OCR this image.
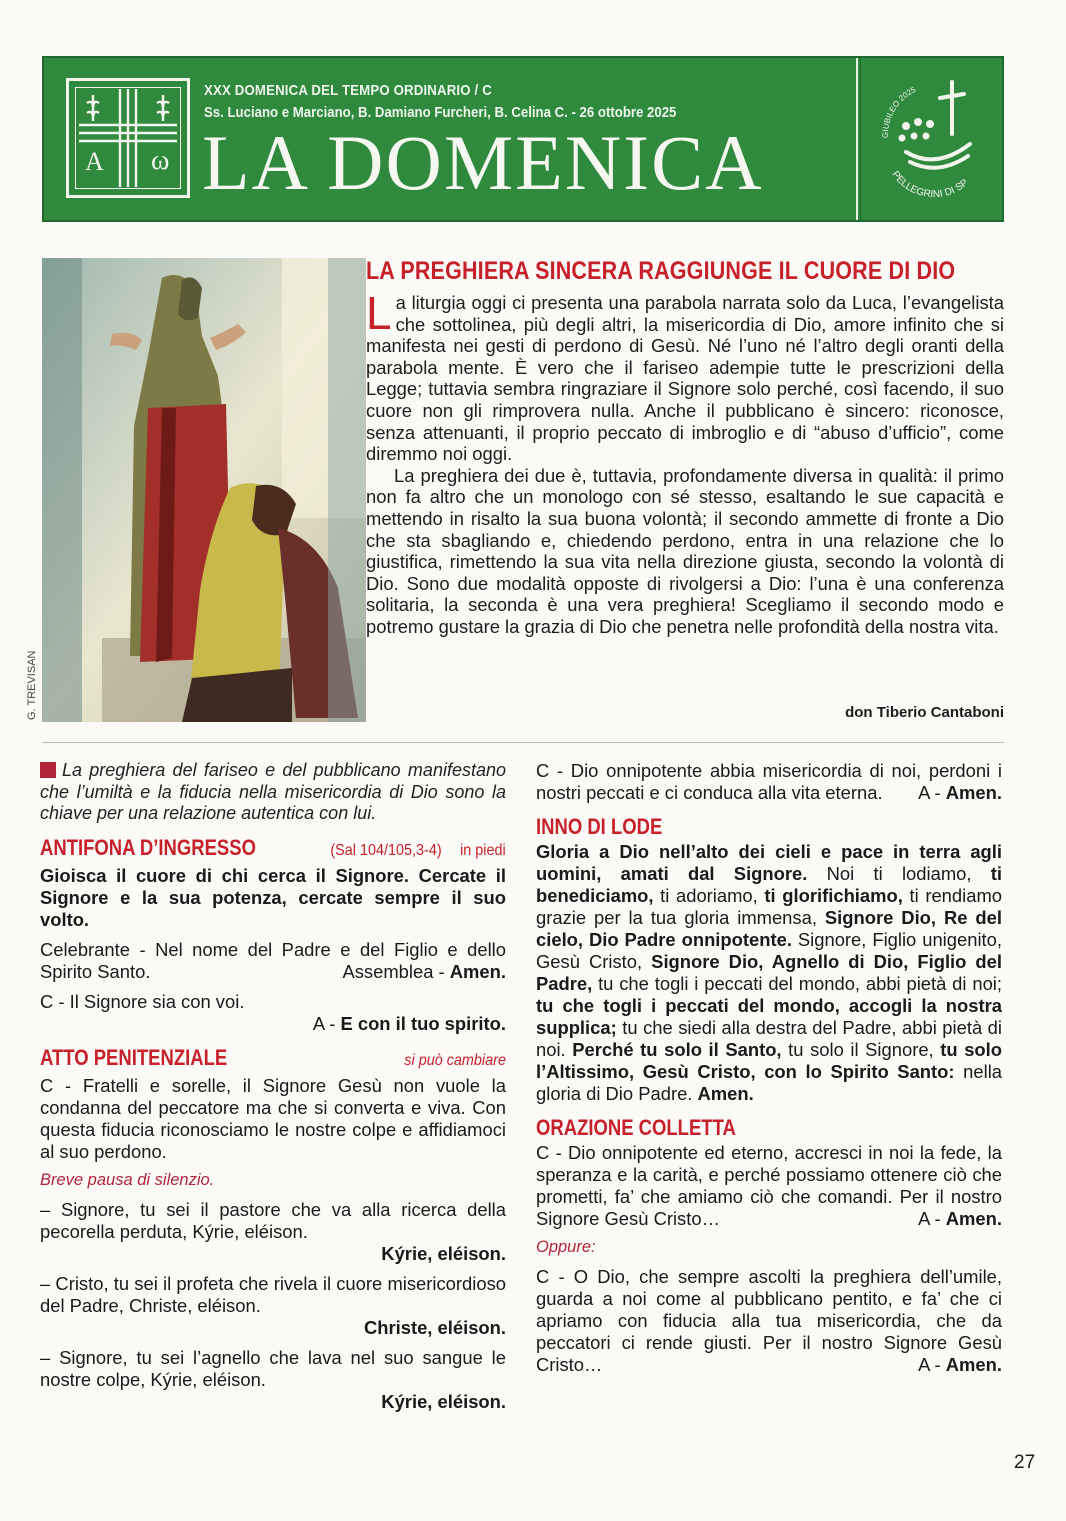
A ω
XXX DOMENICA DEL TEMPO ORDINARIO / C
Ss. Luciano e Marciano, B. Damiano Furcheri, B. Celina C. - 26 ottobre 2025
LA DOMENICA	GIUBILEO 2025
PELLEGRINI DI SP
G. TREVISAN
LA PREGHIERA SINCERA RAGGIUNGE IL CUORE DI DIO

La liturgia oggi ci presenta una parabola narrata solo da Luca, l’evangelista che sottolinea, più degli altri, la misericordia di Dio, amore infinito che si manifesta nei gesti di perdono di Gesù. Né l’uno né l’altro degli oranti della parabola mente. È vero che il fariseo adempie tutte le prescrizioni della Legge; tuttavia sembra ringraziare il Signore solo perché, così facendo, il suo cuore non gli rimprovera nulla. Anche il pubblicano è sincero: riconosce, senza attenuanti, il proprio peccato di imbroglio e di “abuso d’ufficio”, come diremmo noi oggi.

La preghiera dei due è, tuttavia, profondamente diversa in qualità: il primo non fa altro che un monologo con sé stesso, esaltando le sue capacità e mettendo in risalto la sua buona volontà; il secondo ammette di fronte a Dio che sta sbagliando e, chiedendo perdono, entra in una relazione che lo giustifica, rimettendo la sua vita nella direzione giusta, secondo la volontà di Dio. Sono due modalità opposte di rivolgersi a Dio: l’una è una conferenza solitaria, la seconda è una vera preghiera! Scegliamo il secondo modo e potremo gustare la grazia di Dio che penetra nelle profondità della nostra vita.

don Tiberio Cantaboni
La preghiera del fariseo e del pubblicano manifestano che l’umiltà e la fiducia nella misericordia di Dio sono la chiave per una relazione autentica con lui.
ANTIFONA D’INGRESSO	(Sal 104/105,3-4) in piedi
Gioisca il cuore di chi cerca il Signore. Cercate il Signore e la sua potenza, cercate sempre il suo volto.
Celebrante - Nel nome del Padre e del Figlio e dello Spirito Santo.	Assemblea - Amen.
C - Il Signore sia con voi.
A - E con il tuo spirito.
ATTO PENITENZIALE	si può cambiare
C - Fratelli e sorelle, il Signore Gesù non vuole la condanna del peccatore ma che si converta e viva. Con questa fiducia riconosciamo le nostre colpe e affidiamoci al suo perdono.
Breve pausa di silenzio.
– Signore, tu sei il pastore che va alla ricerca della pecorella perduta, Kýrie, eléison.
Kýrie, eléison.
– Cristo, tu sei il profeta che rivela il cuore misericordioso del Padre, Christe, eléison.
Christe, eléison.
– Signore, tu sei l’agnello che lava nel suo sangue le nostre colpe, Kýrie, eléison.
Kýrie, eléison.
C - Dio onnipotente abbia misericordia di noi, perdoni i nostri peccati e ci conduca alla vita eterna. A - Amen.
INNO DI LODE
Gloria a Dio nell’alto dei cieli e pace in terra agli uomini, amati dal Signore. Noi ti lodiamo, ti benediciamo, ti adoriamo, ti glorifichiamo, ti rendiamo grazie per la tua gloria immensa, Signore Dio, Re del cielo, Dio Padre onnipotente. Signore, Figlio unigenito, Gesù Cristo, Signore Dio, Agnello di Dio, Figlio del Padre, tu che togli i peccati del mondo, abbi pietà di noi; tu che togli i peccati del mondo, accogli la nostra supplica; tu che siedi alla destra del Padre, abbi pietà di noi. Perché tu solo il Santo, tu solo il Signore, tu solo l’Altissimo, Gesù Cristo, con lo Spirito Santo: nella gloria di Dio Padre. Amen.
ORAZIONE COLLETTA
C - Dio onnipotente ed eterno, accresci in noi la fede, la speranza e la carità, e perché possiamo ottenere ciò che prometti, fa’ che amiamo ciò che comandi. Per il nostro Signore Gesù Cristo…	A - Amen.
Oppure:
C - O Dio, che sempre ascolti la preghiera dell’umile, guarda a noi come al pubblicano pentito, e fa’ che ci apriamo con fiducia alla tua misericordia, che da peccatori ci rende giusti. Per il nostro Signore Gesù Cristo…	A - Amen.
27
